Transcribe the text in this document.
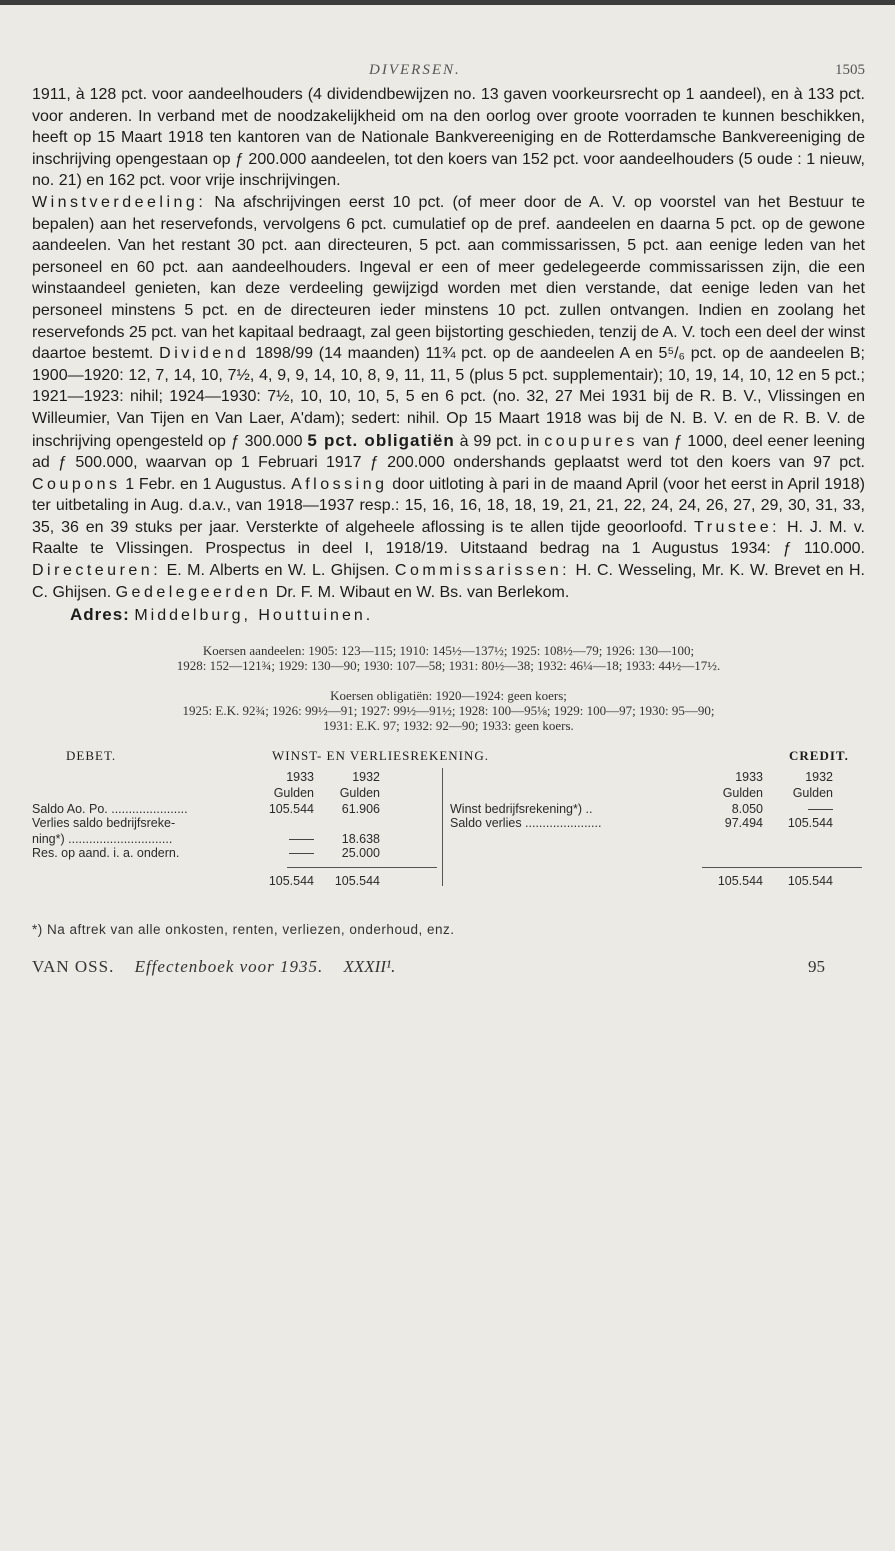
DIVERSEN.	1505

1911, à 128 pct. voor aandeelhouders (4 dividendbewijzen no. 13 gaven voorkeursrecht op 1 aandeel), en à 133 pct. voor anderen. In verband met de noodzakelijkheid om na den oorlog over groote voorraden te kunnen beschikken, heeft op 15 Maart 1918 ten kantoren van de Nationale Bankvereeniging en de Rotterdamsche Bankvereeniging de inschrijving opengestaan op ƒ 200.000 aandeelen, tot den koers van 152 pct. voor aandeelhouders (5 oude : 1 nieuw, no. 21) en 162 pct. voor vrije inschrijvingen.

Winstverdeeling: Na afschrijvingen eerst 10 pct. (of meer door de A. V. op voorstel van het Bestuur te bepalen) aan het reservefonds, vervolgens 6 pct. cumulatief op de pref. aandeelen en daarna 5 pct. op de gewone aandeelen. Van het restant 30 pct. aan directeuren, 5 pct. aan commissarissen, 5 pct. aan eenige leden van het personeel en 60 pct. aan aandeelhouders. Ingeval er een of meer gedelegeerde commissarissen zijn, die een winstaandeel genieten, kan deze verdeeling gewijzigd worden met dien verstande, dat eenige leden van het personeel minstens 5 pct. en de directeuren ieder minstens 10 pct. zullen ontvangen. Indien en zoolang het reservefonds 25 pct. van het kapitaal bedraagt, zal geen bijstorting geschieden, tenzij de A. V. toch een deel der winst daartoe bestemt. Dividend 1898/99 (14 maanden) 11¾ pct. op de aandeelen A en 5⁵/₆ pct. op de aandeelen B; 1900—1920: 12, 7, 14, 10, 7½, 4, 9, 9, 14, 10, 8, 9, 11, 11, 5 (plus 5 pct. supplementair); 10, 19, 14, 10, 12 en 5 pct.; 1921—1923: nihil; 1924—1930: 7½, 10, 10, 10, 5, 5 en 6 pct. (no. 32, 27 Mei 1931 bij de R. B. V., Vlissingen en Willeumier, Van Tijen en Van Laer, A'dam); sedert: nihil. Op 15 Maart 1918 was bij de N. B. V. en de R. B. V. de inschrijving opengesteld op ƒ 300.000 5 pct. obligatiën à 99 pct. in coupures van ƒ 1000, deel eener leening ad ƒ 500.000, waarvan op 1 Februari 1917 ƒ 200.000 ondershands geplaatst werd tot den koers van 97 pct. Coupons 1 Febr. en 1 Augustus. Aflossing door uitloting à pari in de maand April (voor het eerst in April 1918) ter uitbetaling in Aug. d.a.v., van 1918—1937 resp.: 15, 16, 16, 18, 18, 19, 21, 21, 22, 24, 24, 26, 27, 29, 30, 31, 33, 35, 36 en 39 stuks per jaar. Versterkte of algeheele aflossing is te allen tijde geoorloofd. Trustee: H. J. M. v. Raalte te Vlissingen. Prospectus in deel I, 1918/19. Uitstaand bedrag na 1 Augustus 1934: ƒ 110.000. Directeuren: E. M. Alberts en W. L. Ghijsen. Commissarissen: H. C. Wesseling, Mr. K. W. Brevet en H. C. Ghijsen. Gedelegeerden Dr. F. M. Wibaut en W. Bs. van Berlekom.

Adres: Middelburg, Houttuinen.
Koersen aandeelen: 1905: 123—115; 1910: 145½—137½; 1925: 108½—79; 1926: 130—100;
1928: 152—121¾; 1929: 130—90; 1930: 107—58; 1931: 80½—38; 1932: 46¼—18; 1933: 44½—17½.
Koersen obligatiën: 1920—1924: geen koers;
1925: E.K. 92¾; 1926: 99½—91; 1927: 99½—91½; 1928: 100—95⅛; 1929: 100—97; 1930: 95—90;
1931: E.K. 97; 1932: 92—90; 1933: geen koers.
DEBET.	WINST- EN VERLIESREKENING.	CREDIT.
1933	1932
Gulden	Gulden
1933	1932
Gulden	Gulden
Saldo Ao. Po. ......................	105.544	61.906
Verlies saldo bedrijfsreke-
ning*) ..............................	——	18.638
Res. op aand. i. a. ondern.	——	25.000
Winst bedrijfsrekening*) ..	8.050	——
Saldo verlies ......................	97.494	105.544
105.544	105.544	105.544	105.544
*) Na aftrek van alle onkosten, renten, verliezen, onderhoud, enz.
VAN OSS. Effectenboek voor 1935. XXXII¹.	95
